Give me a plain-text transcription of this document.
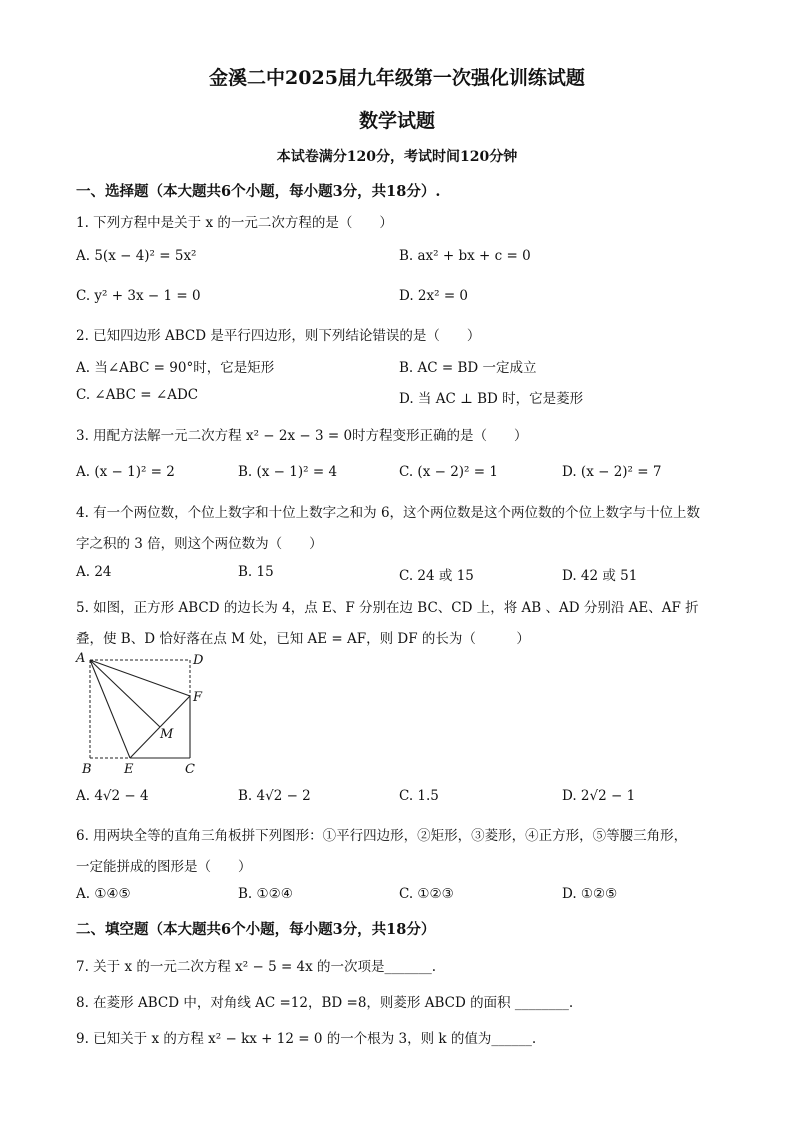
金溪二中2025届九年级第一次强化训练试题
数学试题
本试卷满分120分，考试时间120分钟
一、选择题（本大题共6个小题，每小题3分，共18分）.
1. 下列方程中是关于 x 的一元二次方程的是（　　）
A. 5(x − 4)² = 5x²	B. ax² + bx + c = 0
C. y² + 3x − 1 = 0	D. 2x² = 0
2. 已知四边形 ABCD 是平行四边形，则下列结论错误的是（　　）
A. 当∠ABC = 90°时，它是矩形	B. AC = BD 一定成立
C. ∠ABC = ∠ADC	D. 当 AC ⊥ BD 时，它是菱形
3. 用配方法解一元二次方程 x² − 2x − 3 = 0时方程变形正确的是（　　）
A. (x − 1)² = 2	B. (x − 1)² = 4	C. (x − 2)² = 1	D. (x − 2)² = 7
4. 有一个两位数，个位上数字和十位上数字之和为 6，这个两位数是这个两位数的个位上数字与十位上数
字之积的 3 倍，则这个两位数为（　　）
A. 24	B. 15	C. 24 或 15	D. 42 或 51
5. 如图，正方形 ABCD 的边长为 4，点 E、F 分别在边 BC、CD 上，将 AB 、AD 分别沿 AE、AF 折
叠，使 B、D 恰好落在点 M 处，已知 AE = AF，则 DF 的长为（　　　）
A	D
F
M
B E	C
A. 4√2 − 4	B. 4√2 − 2	C. 1.5	D. 2√2 − 1
6. 用两块全等的直角三角板拼下列图形：①平行四边形，②矩形，③菱形，④正方形，⑤等腰三角形，
一定能拼成的图形是（　　）
A. ①④⑤	B. ①②④	C. ①②③	D. ①②⑤
二、填空题（本大题共6个小题，每小题3分，共18分）
7. 关于 x 的一元二次方程 x² − 5 = 4x 的一次项是_______.
8. 在菱形 ABCD 中，对角线 AC =12，BD =8，则菱形 ABCD 的面积 ________.
9. 已知关于 x 的方程 x² − kx + 12 = 0 的一个根为 3，则 k 的值为______.
